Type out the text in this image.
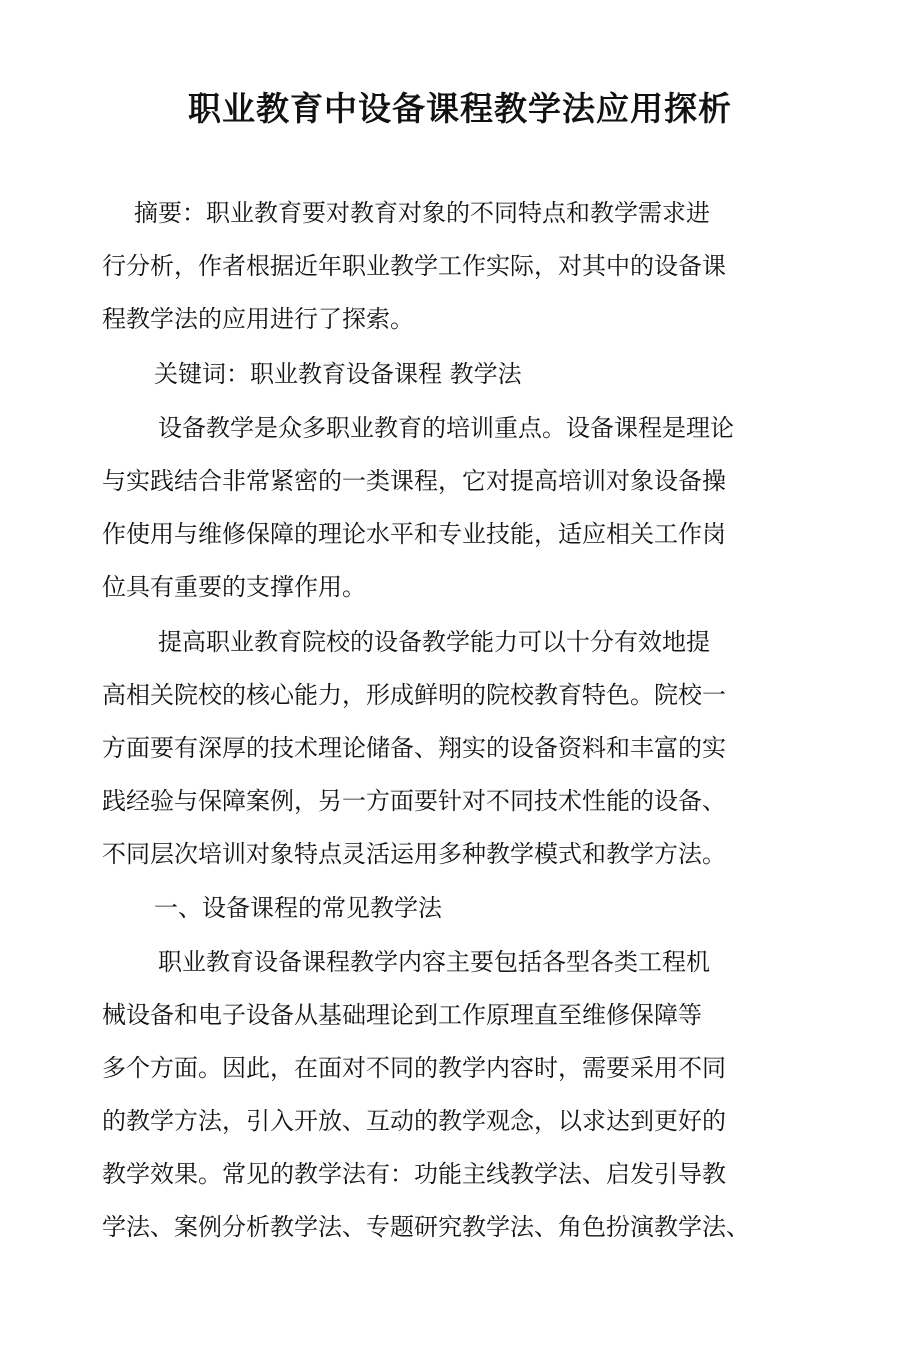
职业教育中设备课程教学法应用探析

摘要：职业教育要对教育对象的不同特点和教学需求进

行分析，作者根据近年职业教学工作实际，对其中的设备课

程教学法的应用进行了探索。

关键词：职业教育设备课程 教学法

设备教学是众多职业教育的培训重点。设备课程是理论

与实践结合非常紧密的一类课程，它对提高培训对象设备操

作使用与维修保障的理论水平和专业技能，适应相关工作岗

位具有重要的支撑作用。

提高职业教育院校的设备教学能力可以十分有效地提

高相关院校的核心能力，形成鲜明的院校教育特色。院校一

方面要有深厚的技术理论储备、翔实的设备资料和丰富的实

践经验与保障案例，另一方面要针对不同技术性能的设备、

不同层次培训对象特点灵活运用多种教学模式和教学方法。

一、设备课程的常见教学法

职业教育设备课程教学内容主要包括各型各类工程机

械设备和电子设备从基础理论到工作原理直至维修保障等

多个方面。因此，在面对不同的教学内容时，需要采用不同

的教学方法，引入开放、互动的教学观念，以求达到更好的

教学效果。常见的教学法有：功能主线教学法、启发引导教

学法、案例分析教学法、专题研究教学法、角色扮演教学法、
